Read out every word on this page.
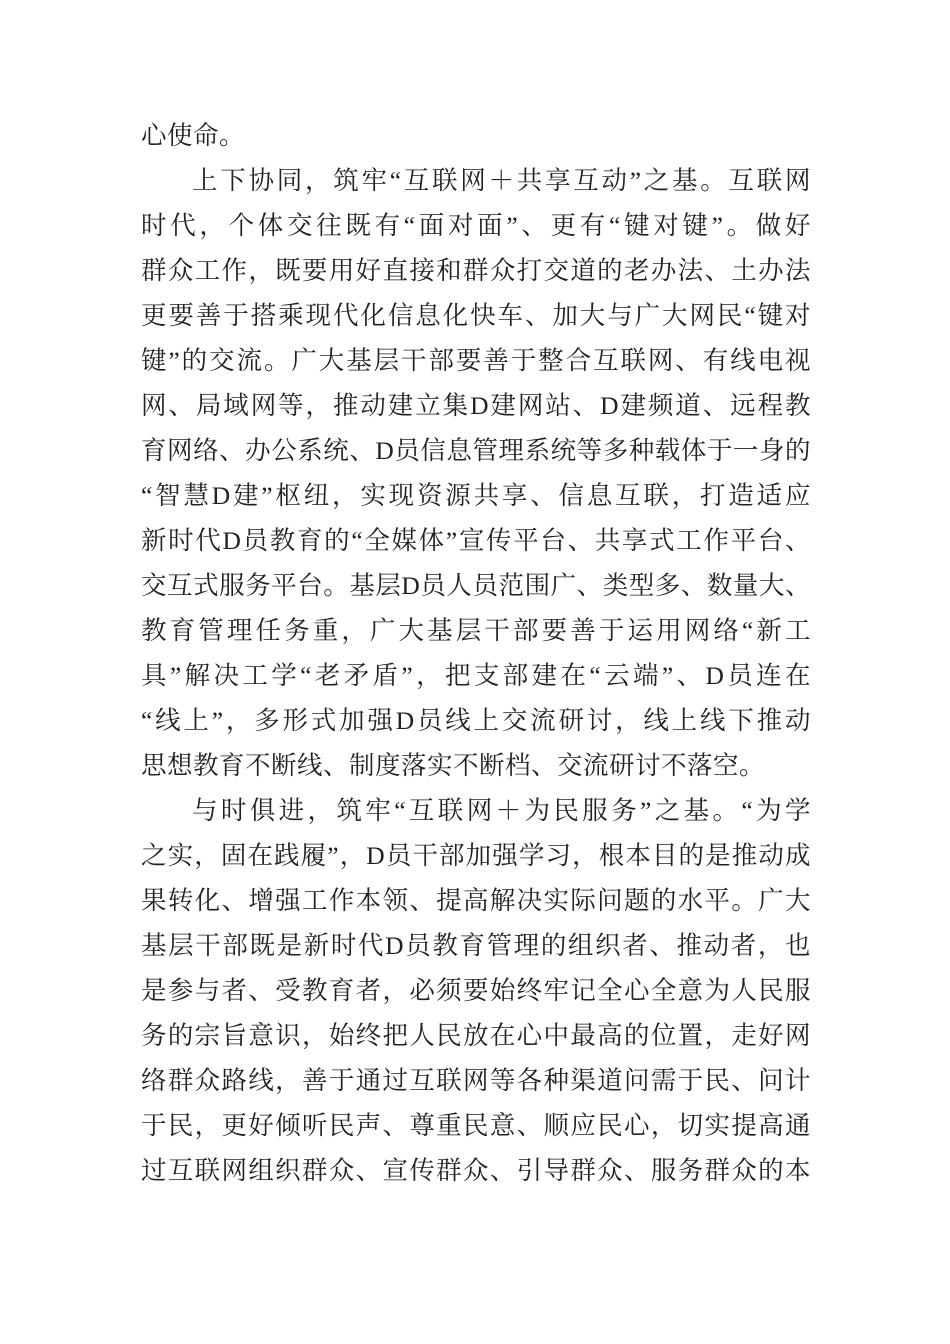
心使命。
上下协同，筑牢“互联网＋共享互动”之基。互联网
时代，个体交往既有“面对面”、更有“键对键”。做好
群众工作，既要用好直接和群众打交道的老办法、土办法
更要善于搭乘现代化信息化快车、加大与广大网民“键对
键”的交流。广大基层干部要善于整合互联网、有线电视
网、局域网等，推动建立集D建网站、D建频道、远程教
育网络、办公系统、D员信息管理系统等多种载体于一身的
“智慧D建”枢纽，实现资源共享、信息互联，打造适应
新时代D员教育的“全媒体”宣传平台、共享式工作平台、
交互式服务平台。基层D员人员范围广、类型多、数量大、
教育管理任务重，广大基层干部要善于运用网络“新工
具”解决工学“老矛盾”，把支部建在“云端”、D员连在
“线上”，多形式加强D员线上交流研讨，线上线下推动
思想教育不断线、制度落实不断档、交流研讨不落空。
与时俱进，筑牢“互联网＋为民服务”之基。“为学
之实，固在践履”，D员干部加强学习，根本目的是推动成
果转化、增强工作本领、提高解决实际问题的水平。广大
基层干部既是新时代D员教育管理的组织者、推动者，也
是参与者、受教育者，必须要始终牢记全心全意为人民服
务的宗旨意识，始终把人民放在心中最高的位置，走好网
络群众路线，善于通过互联网等各种渠道问需于民、问计
于民，更好倾听民声、尊重民意、顺应民心，切实提高通
过互联网组织群众、宣传群众、引导群众、服务群众的本
